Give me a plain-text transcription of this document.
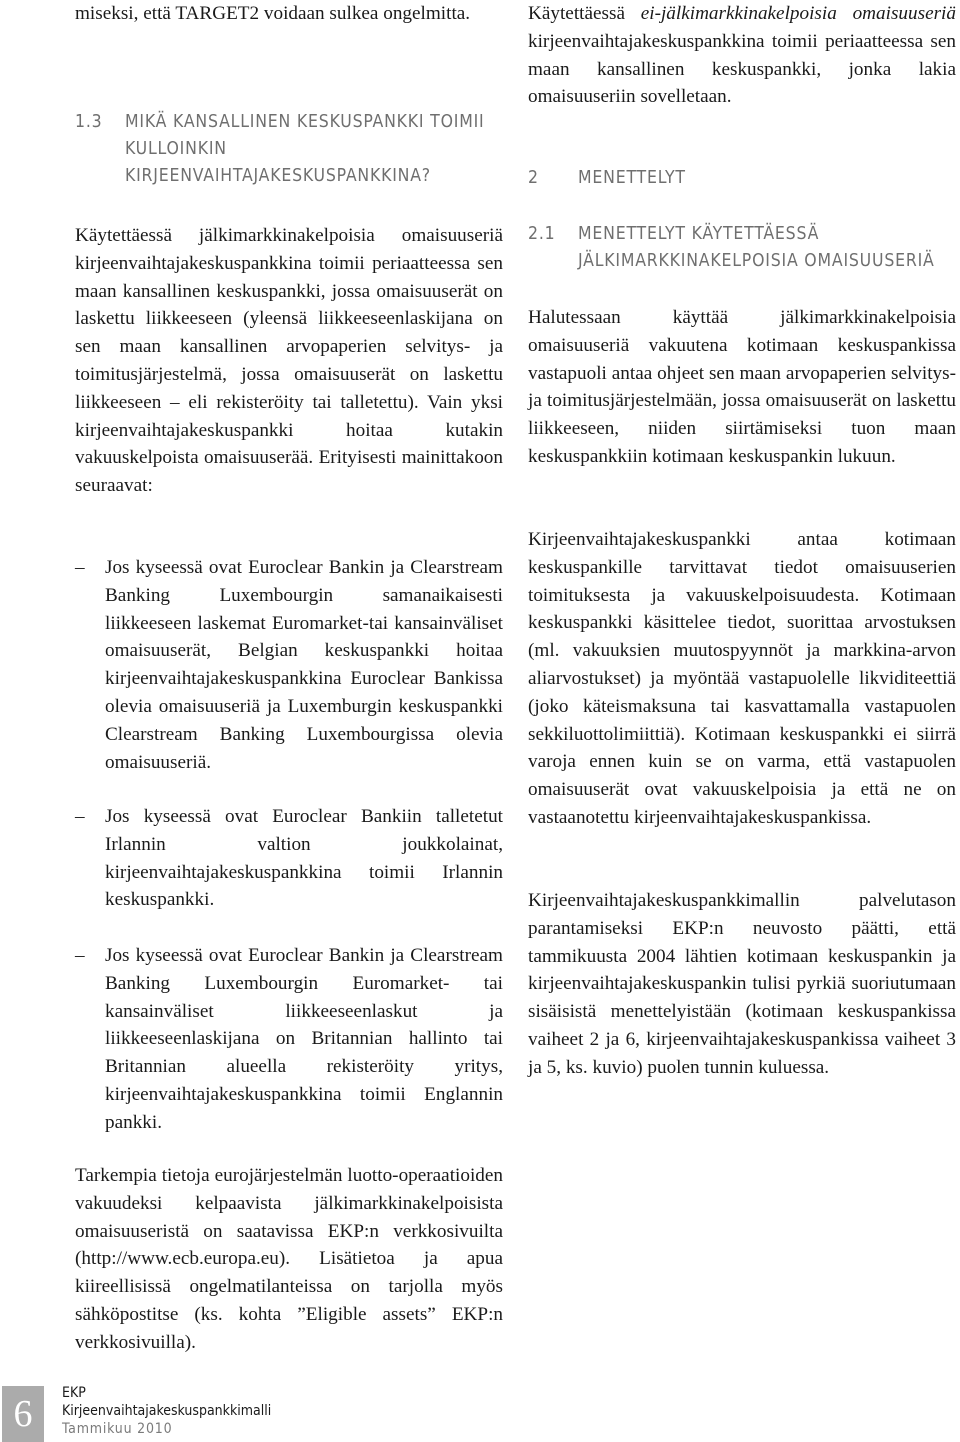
miseksi, että TARGET2 voidaan sulkea ongelmitta.

1.3	MIKÄ KANSALLINEN KESKUSPANKKI TOIMII KULLOINKIN KIRJEENVAIHTAJAKESKUSPANKKINA?

Käytettäessä jälkimarkkinakelpoisia omaisuuseriä kirjeenvaihtajakeskuspankkina toimii periaatteessa sen maan kansallinen keskuspankki, jossa omaisuuserät on laskettu liikkeeseen (yleensä liikkeeseenlaskijana on sen maan kansallinen arvopaperien selvitys- ja toimitusjärjestelmä, jossa omaisuuserät on laskettu liikkeeseen – eli rekisteröity tai talletettu). Vain yksi kirjeenvaihtajakeskuspankki hoitaa kutakin vakuuskelpoista omaisuuserää. Erityisesti mainittakoon seuraavat:

– Jos kyseessä ovat Euroclear Bankin ja Clearstream Banking Luxembourgin samanaikaisesti liikkeeseen laskemat Euromarket-tai kansainväliset omaisuuserät, Belgian keskuspankki hoitaa kirjeenvaihtajakeskuspankkina Euroclear Bankissa olevia omaisuuseriä ja Luxemburgin keskuspankki Clearstream Banking Luxembourgissa olevia omaisuuseriä.

– Jos kyseessä ovat Euroclear Bankiin talletetut Irlannin valtion joukkolainat, kirjeenvaihtajakeskuspankkina toimii Irlannin keskuspankki.

– Jos kyseessä ovat Euroclear Bankin ja Clearstream Banking Luxembourgin Euromarket- tai kansainväliset liikkeeseenlaskut ja liikkeeseenlaskijana on Britannian hallinto tai Britannian alueella rekisteröity yritys, kirjeenvaihtajakeskuspankkina toimii Englannin pankki.

Tarkempia tietoja eurojärjestelmän luotto-operaatioiden vakuudeksi kelpaavista jälkimarkkinakelpoisista omaisuuseristä on saatavissa EKP:n verkkosivuilta (http://www.ecb.europa.eu). Lisätietoa ja apua kiireellisissä ongelmatilanteissa on tarjolla myös sähköpostitse (ks. kohta ”Eligible assets” EKP:n verkkosivuilla).

Käytettäessä ei-jälkimarkkinakelpoisia omaisuuseriä kirjeenvaihtajakeskuspankkina toimii periaatteessa sen maan kansallinen keskuspankki, jonka lakia omaisuuseriin sovelletaan.

2	MENETTELYT
2.1	MENETTELYT KÄYTETTÄESSÄ JÄLKIMARKKINAKELPOISIA OMAISUUSERIÄ

Halutessaan käyttää jälkimarkkinakelpoisia omaisuuseriä vakuutena kotimaan keskuspankissa vastapuoli antaa ohjeet sen maan arvopaperien selvitys- ja toimitusjärjestelmään, jossa omaisuuserät on laskettu liikkeeseen, niiden siirtämiseksi tuon maan keskuspankkiin kotimaan keskuspankin lukuun.

Kirjeenvaihtajakeskuspankki antaa kotimaan keskuspankille tarvittavat tiedot omaisuuserien toimituksesta ja vakuuskelpoisuudesta. Kotimaan keskuspankki käsittelee tiedot, suorittaa arvostuksen (ml. vakuuksien muutospyynnöt ja markkina-arvon aliarvostukset) ja myöntää vastapuolelle likviditeettiä (joko käteismaksuna tai kasvattamalla vastapuolen sekkiluottolimiittiä). Kotimaan keskuspankki ei siirrä varoja ennen kuin se on varma, että vastapuolen omaisuuserät ovat vakuuskelpoisia ja että ne on vastaanotettu kirjeenvaihtajakeskuspankissa.

Kirjeenvaihtajakeskuspankkimallin palvelutason parantamiseksi EKP:n neuvosto päätti, että tammikuusta 2004 lähtien kotimaan keskuspankin ja kirjeenvaihtajakeskuspankin tulisi pyrkiä suoriutumaan sisäisistä menettelyistään (kotimaan keskuspankissa vaiheet 2 ja 6, kirjeenvaihtajakeskuspankissa vaiheet 3 ja 5, ks. kuvio) puolen tunnin kuluessa.

6	EKP
Kirjeenvaihtajakeskuspankkimalli
Tammikuu 2010
